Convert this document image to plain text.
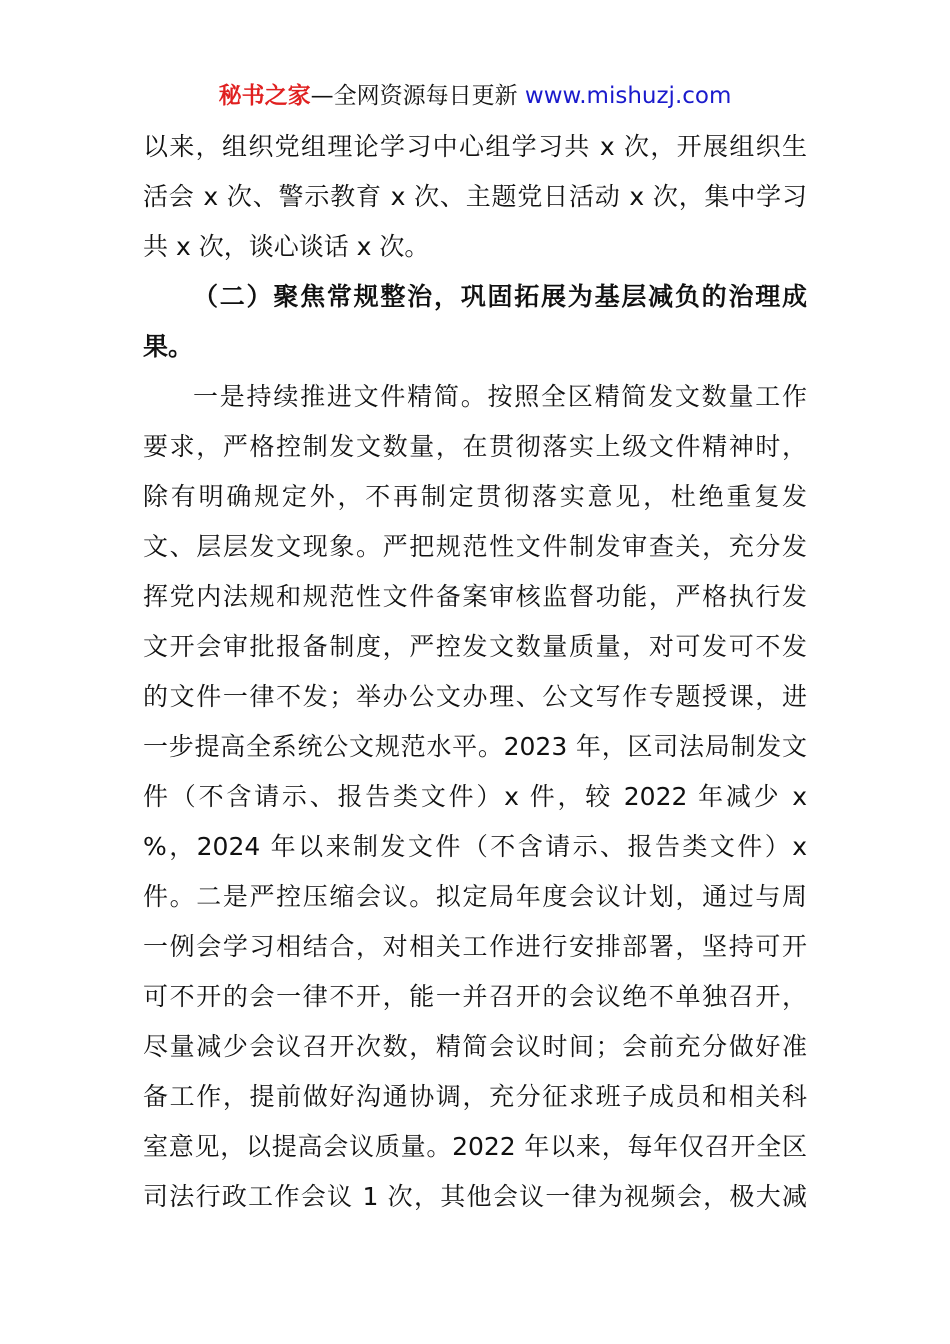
秘书之家—全网资源每日更新 www.mishuzj.com
以来，组织党组理论学习中心组学习共 x 次，开展组织生
活会 x 次、警示教育 x 次、主题党日活动 x 次，集中学习
共 x 次，谈心谈话 x 次。
（二）聚焦常规整治，巩固拓展为基层减负的治理成
果。
一是持续推进文件精简。按照全区精简发文数量工作
要求，严格控制发文数量，在贯彻落实上级文件精神时，
除有明确规定外，不再制定贯彻落实意见，杜绝重复发
文、层层发文现象。严把规范性文件制发审查关，充分发
挥党内法规和规范性文件备案审核监督功能，严格执行发
文开会审批报备制度，严控发文数量质量，对可发可不发
的文件一律不发；举办公文办理、公文写作专题授课，进
一步提高全系统公文规范水平。2023 年，区司法局制发文
件（不含请示、报告类文件）x 件，较 2022 年减少 x
%，2024 年以来制发文件（不含请示、报告类文件）x
件。二是严控压缩会议。拟定局年度会议计划，通过与周
一例会学习相结合，对相关工作进行安排部署，坚持可开
可不开的会一律不开，能一并召开的会议绝不单独召开，
尽量减少会议召开次数，精简会议时间；会前充分做好准
备工作，提前做好沟通协调，充分征求班子成员和相关科
室意见，以提高会议质量。2022 年以来，每年仅召开全区
司法行政工作会议 1 次，其他会议一律为视频会，极大减
